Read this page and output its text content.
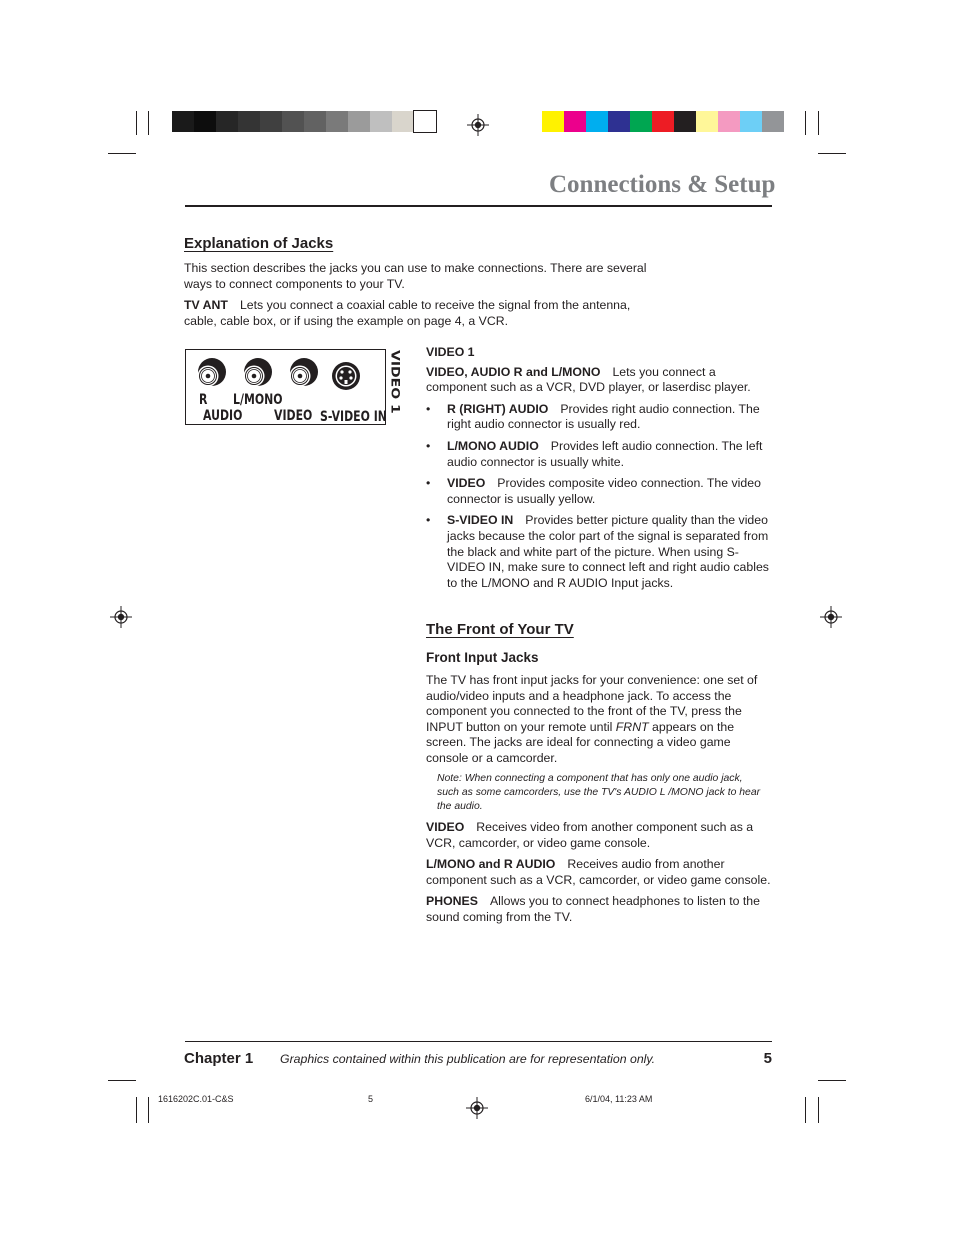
Connections & Setup
Explanation of Jacks
This section describes the jacks you can use to make connections. There are several ways to connect components to your TV.
TV ANT Lets you connect a coaxial cable to receive the signal from the antenna, cable, cable box, or if using the example on page 4, a VCR.
R L/MONO
AUDIO VIDEO S-VIDEO IN
VIDEO 1 VIDEO 1
VIDEO, AUDIO R and L/MONO Lets you connect a component such as a VCR, DVD player, or laserdisc player.
• R (RIGHT) AUDIO Provides right audio connection. The right audio connector is usually red.
• L/MONO AUDIO Provides left audio connection. The left audio connector is usually white.
• VIDEO Provides composite video connection. The video connector is usually yellow.
• S-VIDEO IN Provides better picture quality than the video jacks because the color part of the signal is separated from the black and white part of the picture. When using S-VIDEO IN, make sure to connect left and right audio cables to the L/MONO and R AUDIO Input jacks.
The Front of Your TV
Front Input Jacks
The TV has front input jacks for your convenience: one set of audio/video inputs and a headphone jack. To access the component you connected to the front of the TV, press the INPUT button on your remote until FRNT appears on the screen. The jacks are ideal for connecting a video game console or a camcorder.
Note: When connecting a component that has only one audio jack, such as some camcorders, use the TV's AUDIO L /MONO jack to hear the audio.
VIDEO Receives video from another component such as a VCR, camcorder, or video game console.
L/MONO and R AUDIO Receives audio from another component such as a VCR, camcorder, or video game console.
PHONES Allows you to connect headphones to listen to the sound coming from the TV.
Chapter 1 Graphics contained within this publication are for representation only.	5
1616202C.01-C&S	5	6/1/04, 11:23 AM
